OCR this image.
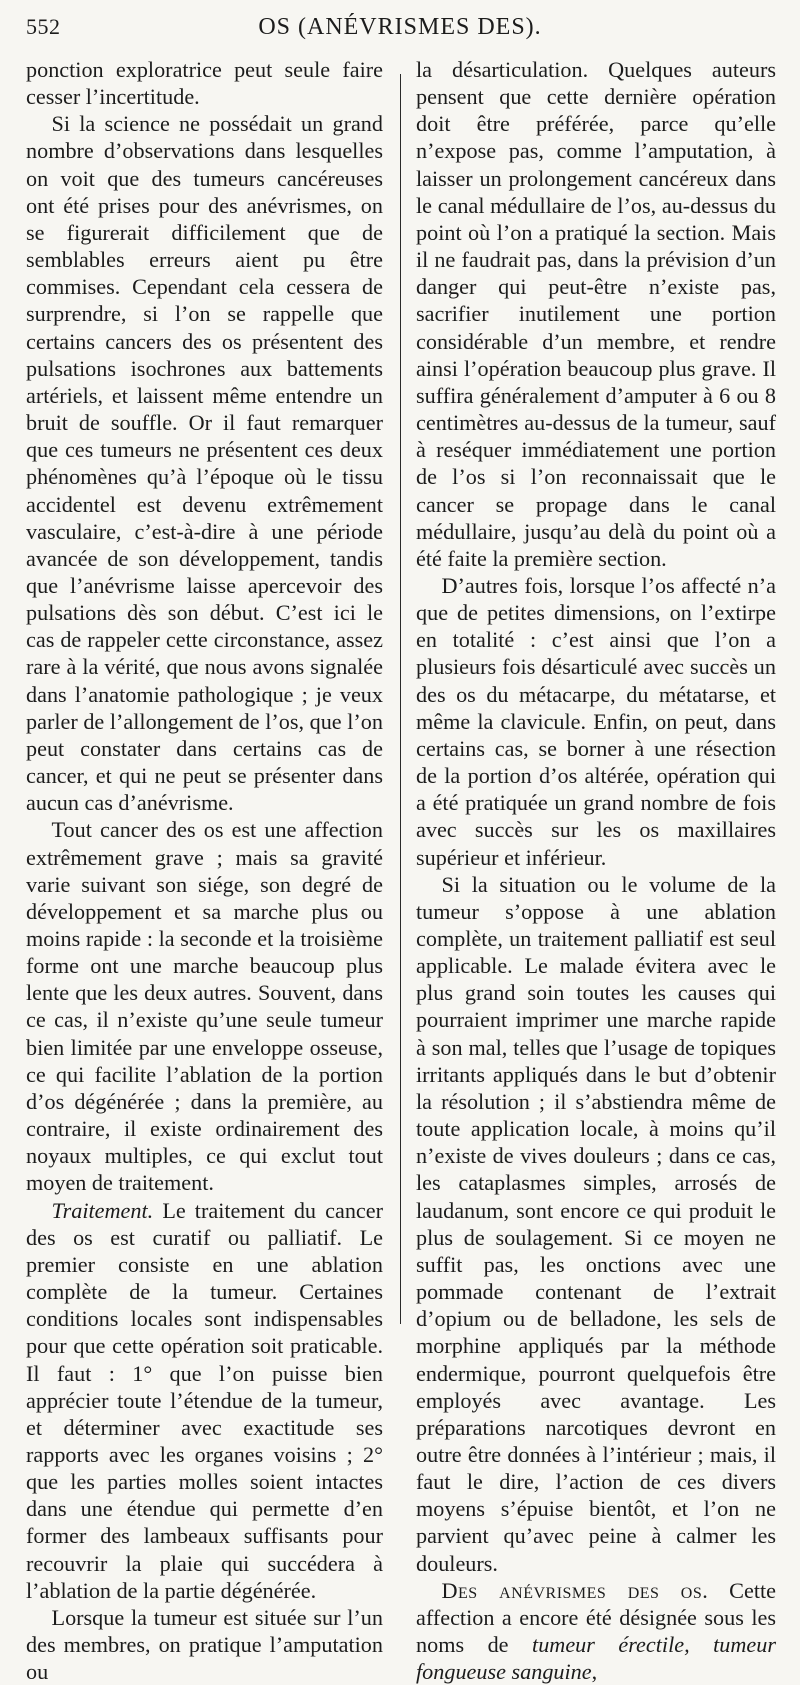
552	OS (ANÉVRISMES DES).

ponction exploratrice peut seule faire cesser l’incertitude.

Si la science ne possédait un grand nombre d’observations dans lesquelles on voit que des tumeurs cancéreuses ont été prises pour des anévrismes, on se figurerait difficilement que de semblables erreurs aient pu être commises. Cependant cela cessera de surprendre, si l’on se rappelle que certains cancers des os présentent des pulsations isochrones aux battements artériels, et laissent même entendre un bruit de souffle. Or il faut remarquer que ces tumeurs ne présentent ces deux phénomènes qu’à l’époque où le tissu accidentel est devenu extrêmement vasculaire, c’est-à-dire à une période avancée de son développement, tandis que l’anévrisme laisse apercevoir des pulsations dès son début. C’est ici le cas de rappeler cette circonstance, assez rare à la vérité, que nous avons signalée dans l’anatomie pathologique ; je veux parler de l’allongement de l’os, que l’on peut constater dans certains cas de cancer, et qui ne peut se présenter dans aucun cas d’anévrisme.

Tout cancer des os est une affection extrêmement grave ; mais sa gravité varie suivant son siége, son degré de développement et sa marche plus ou moins rapide : la seconde et la troisième forme ont une marche beaucoup plus lente que les deux autres. Souvent, dans ce cas, il n’existe qu’une seule tumeur bien limitée par une enveloppe osseuse, ce qui facilite l’ablation de la portion d’os dégénérée ; dans la première, au contraire, il existe ordinairement des noyaux multiples, ce qui exclut tout moyen de traitement.

Traitement. Le traitement du cancer des os est curatif ou palliatif. Le premier consiste en une ablation complète de la tumeur. Certaines conditions locales sont indispensables pour que cette opération soit praticable. Il faut : 1° que l’on puisse bien apprécier toute l’étendue de la tumeur, et déterminer avec exactitude ses rapports avec les organes voisins ; 2° que les parties molles soient intactes dans une étendue qui permette d’en former des lambeaux suffisants pour recouvrir la plaie qui succédera à l’ablation de la partie dégénérée.

Lorsque la tumeur est située sur l’un des membres, on pratique l’amputation ou

la désarticulation. Quelques auteurs pensent que cette dernière opération doit être préférée, parce qu’elle n’expose pas, comme l’amputation, à laisser un prolongement cancéreux dans le canal médullaire de l’os, au-dessus du point où l’on a pratiqué la section. Mais il ne faudrait pas, dans la prévision d’un danger qui peut-être n’existe pas, sacrifier inutilement une portion considérable d’un membre, et rendre ainsi l’opération beaucoup plus grave. Il suffira généralement d’amputer à 6 ou 8 centimètres au-dessus de la tumeur, sauf à reséquer immédiatement une portion de l’os si l’on reconnaissait que le cancer se propage dans le canal médullaire, jusqu’au delà du point où a été faite la première section.

D’autres fois, lorsque l’os affecté n’a que de petites dimensions, on l’extirpe en totalité : c’est ainsi que l’on a plusieurs fois désarticulé avec succès un des os du métacarpe, du métatarse, et même la clavicule. Enfin, on peut, dans certains cas, se borner à une résection de la portion d’os altérée, opération qui a été pratiquée un grand nombre de fois avec succès sur les os maxillaires supérieur et inférieur.

Si la situation ou le volume de la tumeur s’oppose à une ablation complète, un traitement palliatif est seul applicable. Le malade évitera avec le plus grand soin toutes les causes qui pourraient imprimer une marche rapide à son mal, telles que l’usage de topiques irritants appliqués dans le but d’obtenir la résolution ; il s’abstiendra même de toute application locale, à moins qu’il n’existe de vives douleurs ; dans ce cas, les cataplasmes simples, arrosés de laudanum, sont encore ce qui produit le plus de soulagement. Si ce moyen ne suffit pas, les onctions avec une pommade contenant de l’extrait d’opium ou de belladone, les sels de morphine appliqués par la méthode endermique, pourront quelquefois être employés avec avantage. Les préparations narcotiques devront en outre être données à l’intérieur ; mais, il faut le dire, l’action de ces divers moyens s’épuise bientôt, et l’on ne parvient qu’avec peine à calmer les douleurs.

Des anévrismes des os. Cette affection a encore été désignée sous les noms de tumeur érectile, tumeur fongueuse sanguine,
